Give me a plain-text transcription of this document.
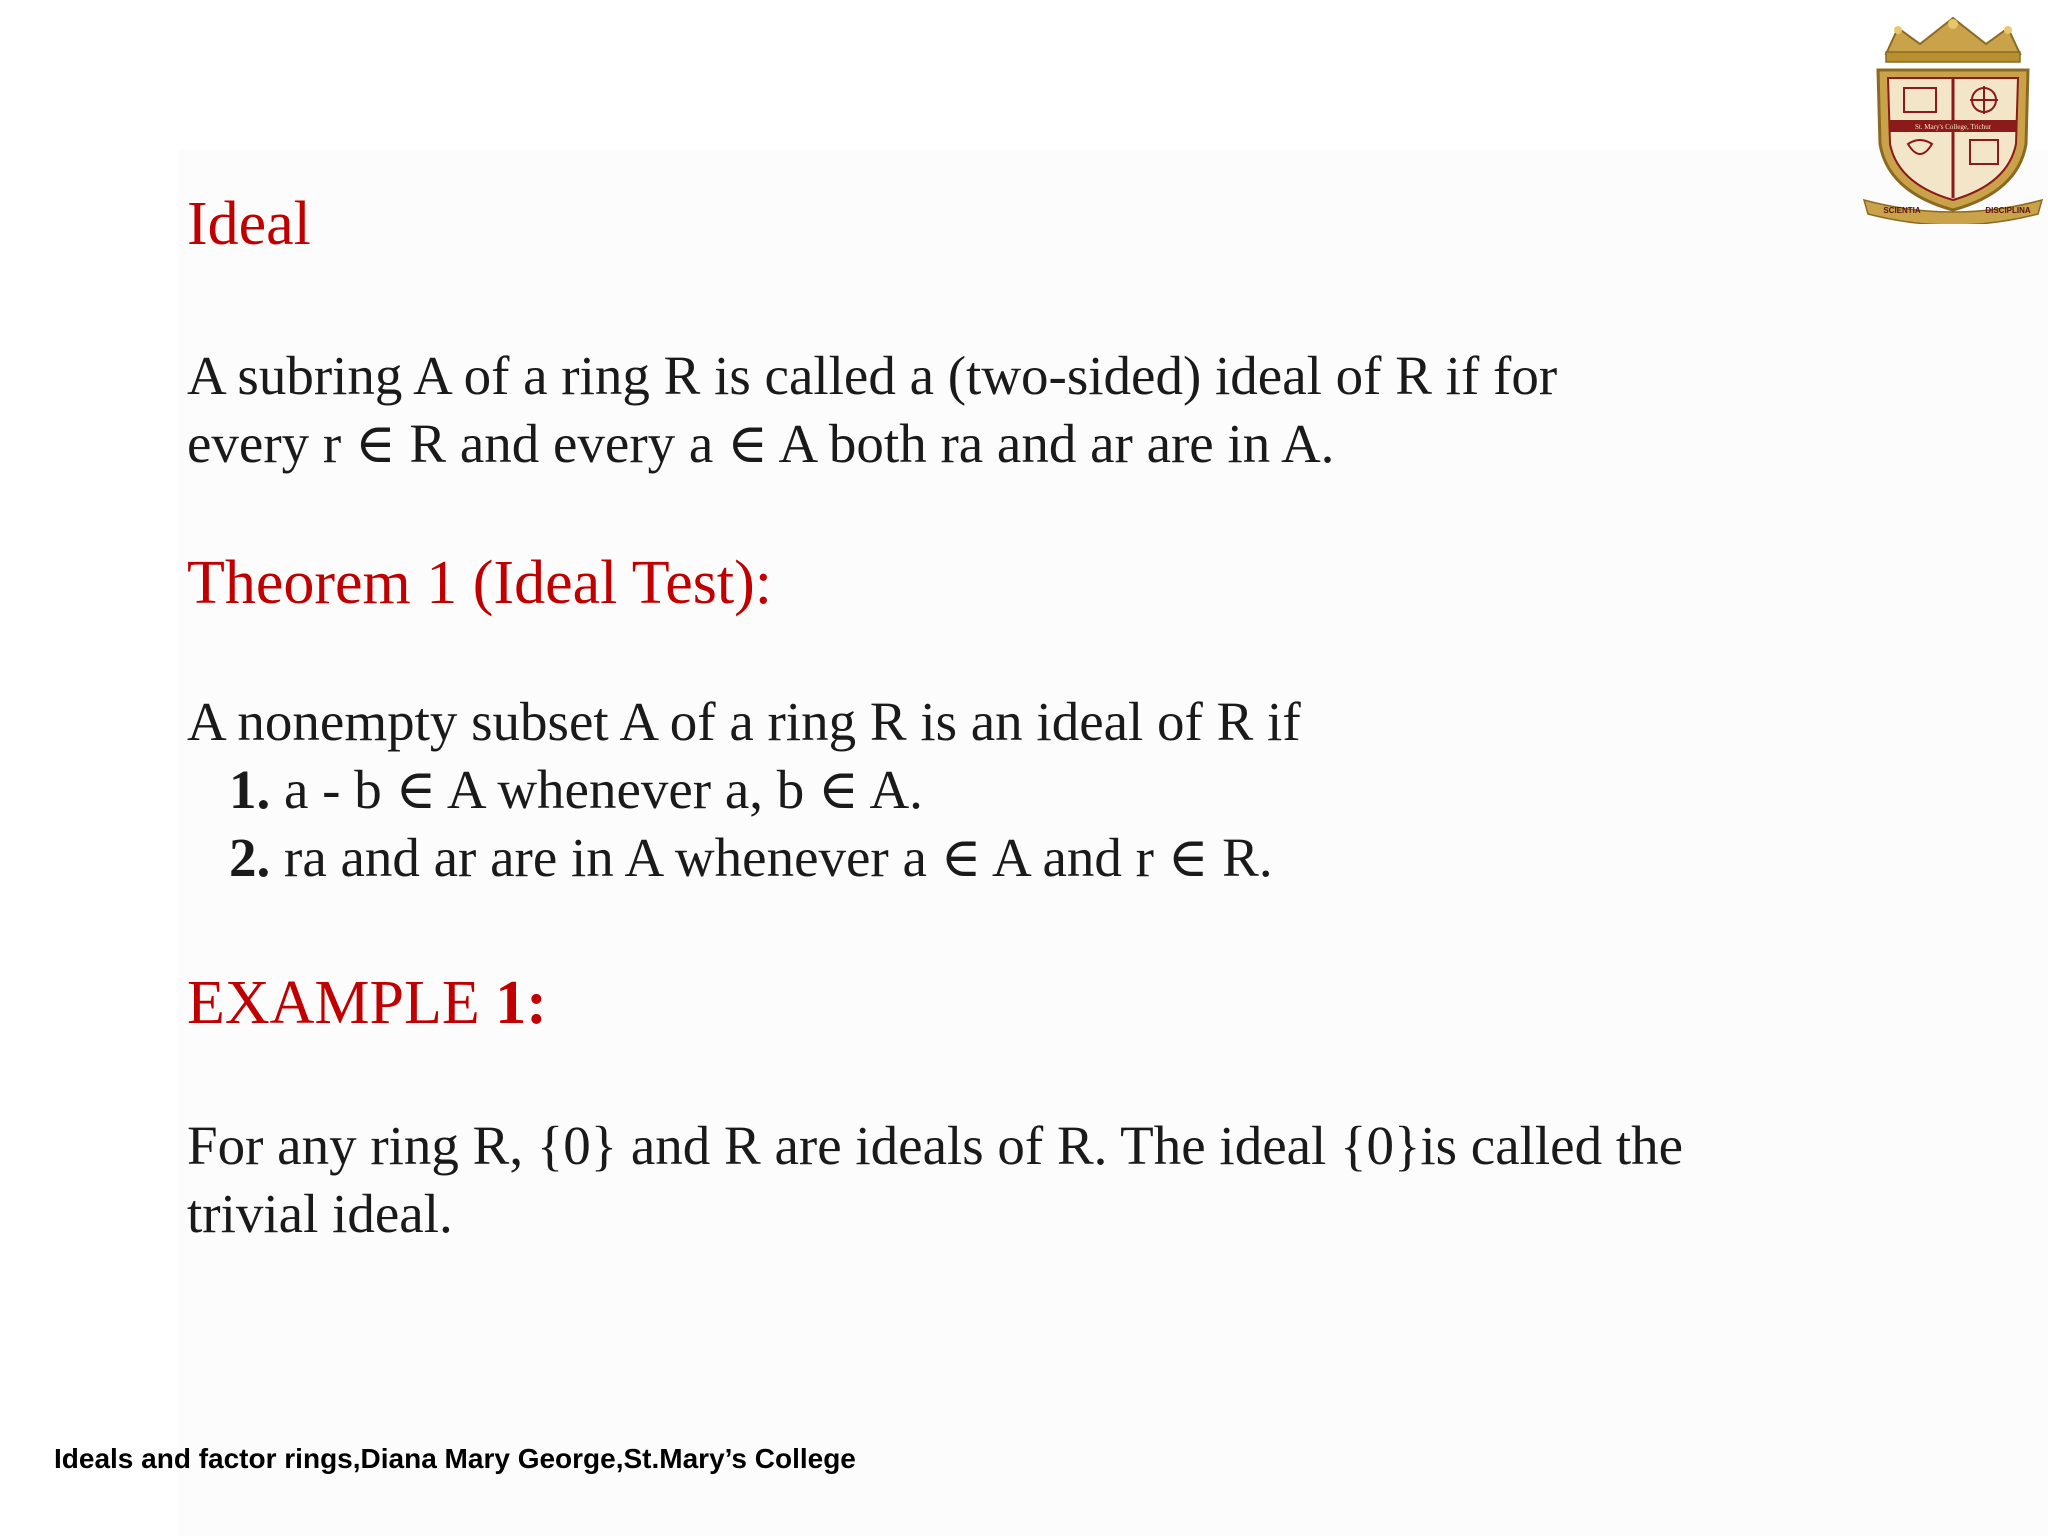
Ideal
A subring A of a ring R is called a (two-sided) ideal of R if for
every r ∈ R and every a ∈ A both ra and ar are in A.
Theorem 1 (Ideal Test):
A nonempty subset A of a ring R is an ideal of R if
1. a - b ∈ A whenever a, b ∈ A.
2. ra and ar are in A whenever a ∈ A and r ∈ R.
EXAMPLE 1:
For any ring R, {0} and R are ideals of R. The ideal {0}is called the
trivial ideal.
Ideals and factor rings,Diana Mary George,St.Mary’s College
St. Mary's College, Trichur
SCIENTIA	DISCIPLINA
